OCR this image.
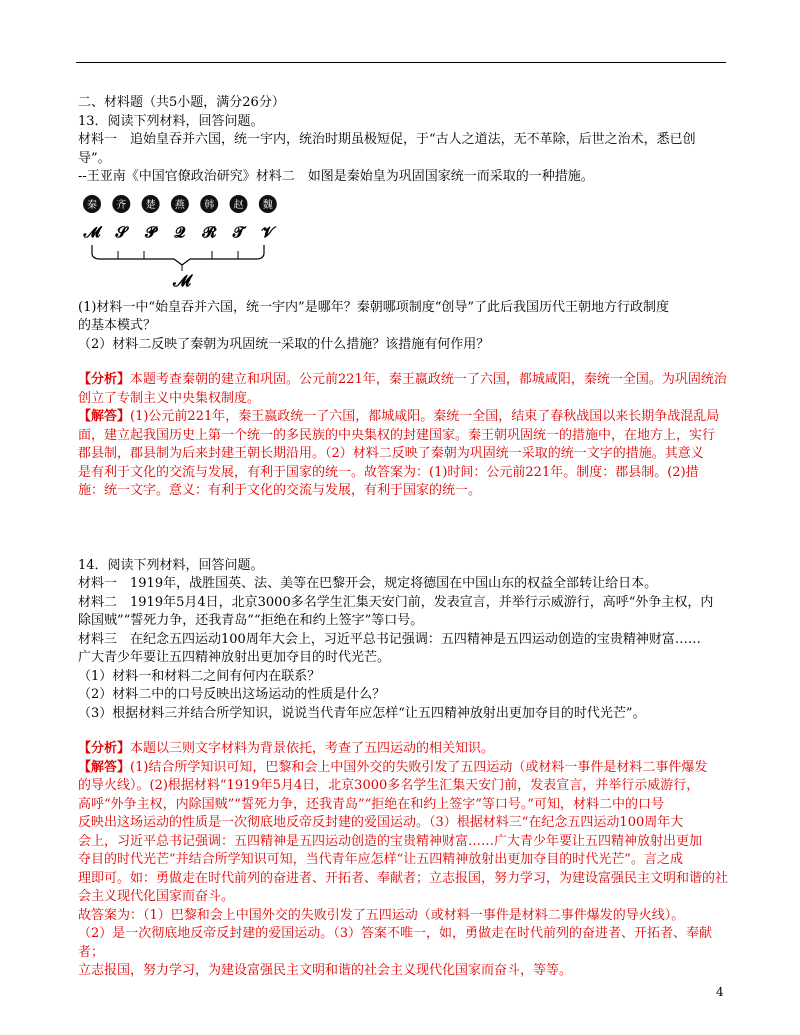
二、材料题（共5小题，满分26分）

13．阅读下列材料，回答问题。

材料一　追始皇吞并六国，统一宇内，统治时期虽极短促，于“古人之道法，无不革除，后世之治术，悉已创

导”。

--王亚南《中国官僚政治研究》材料二　如图是秦始皇为巩固国家统一而采取的一种措施。

秦 齐 楚 燕 韩 赵 魏
𝓜 𝓢 𝓟 𝓠 𝓡 𝓣 𝓥
𝓜

(1)材料一中“始皇吞并六国，统一宇内”是哪年？秦朝哪项制度“创导”了此后我国历代王朝地方行政制度

的基本模式？

（2）材料二反映了秦朝为巩固统一采取的什么措施？该措施有何作用？

【分析】本题考查秦朝的建立和巩固。公元前221年，秦王嬴政统一了六国，都城咸阳，秦统一全国。为巩固统治

创立了专制主义中央集权制度。

【解答】(1)公元前221年，秦王嬴政统一了六国，都城咸阳。秦统一全国，结束了春秋战国以来长期争战混乱局

面，建立起我国历史上第一个统一的多民族的中央集权的封建国家。秦王朝巩固统一的措施中，在地方上，实行

郡县制，郡县制为后来封建王朝长期沿用。（2）材料二反映了秦朝为巩固统一采取的统一文字的措施。其意义

是有利于文化的交流与发展，有利于国家的统一。故答案为：(1)时间：公元前221年。制度：郡县制。(2)措

施：统一文字。意义：有利于文化的交流与发展，有利于国家的统一。

14．阅读下列材料，回答问题。

材料一　1919年，战胜国英、法、美等在巴黎开会，规定将德国在中国山东的权益全部转让给日本。

材料二　1919年5月4日，北京3000多名学生汇集天安门前，发表宣言，并举行示威游行，高呼“外争主权，内

除国贼”“誓死力争，还我青岛”“拒绝在和约上签字”等口号。

材料三　在纪念五四运动100周年大会上，习近平总书记强调：五四精神是五四运动创造的宝贵精神财富……

广大青少年要让五四精神放射出更加夺目的时代光芒。

（1）材料一和材料二之间有何内在联系？

（2）材料二中的口号反映出这场运动的性质是什么？

（3）根据材料三并结合所学知识，说说当代青年应怎样“让五四精神放射出更加夺目的时代光芒”。

【分析】本题以三则文字材料为背景依托，考查了五四运动的相关知识。

【解答】(1)结合所学知识可知，巴黎和会上中国外交的失败引发了五四运动（或材料一事件是材料二事件爆发

的导火线）。(2)根据材料“1919年5月4日，北京3000多名学生汇集天安门前，发表宣言，并举行示威游行，

高呼“外争主权，内除国贼”“誓死力争，还我青岛”“拒绝在和约上签字”等口号。”可知，材料二中的口号

反映出这场运动的性质是一次彻底地反帝反封建的爱国运动。（3）根据材料三“在纪念五四运动100周年大

会上，习近平总书记强调：五四精神是五四运动创造的宝贵精神财富……广大青少年要让五四精神放射出更加

夺目的时代光芒”并结合所学知识可知，当代青年应怎样“让五四精神放射出更加夺目的时代光芒”。言之成

理即可。如：勇做走在时代前列的奋进者、开拓者、奉献者；立志报国，努力学习，为建设富强民主文明和谐的社

会主义现代化国家而奋斗。

故答案为：（1）巴黎和会上中国外交的失败引发了五四运动（或材料一事件是材料二事件爆发的导火线）。

（2）是一次彻底地反帝反封建的爱国运动。（3）答案不唯一，如，勇做走在时代前列的奋进者、开拓者、奉献者；

立志报国，努力学习，为建设富强民主文明和谐的社会主义现代化国家而奋斗，等等。

4
